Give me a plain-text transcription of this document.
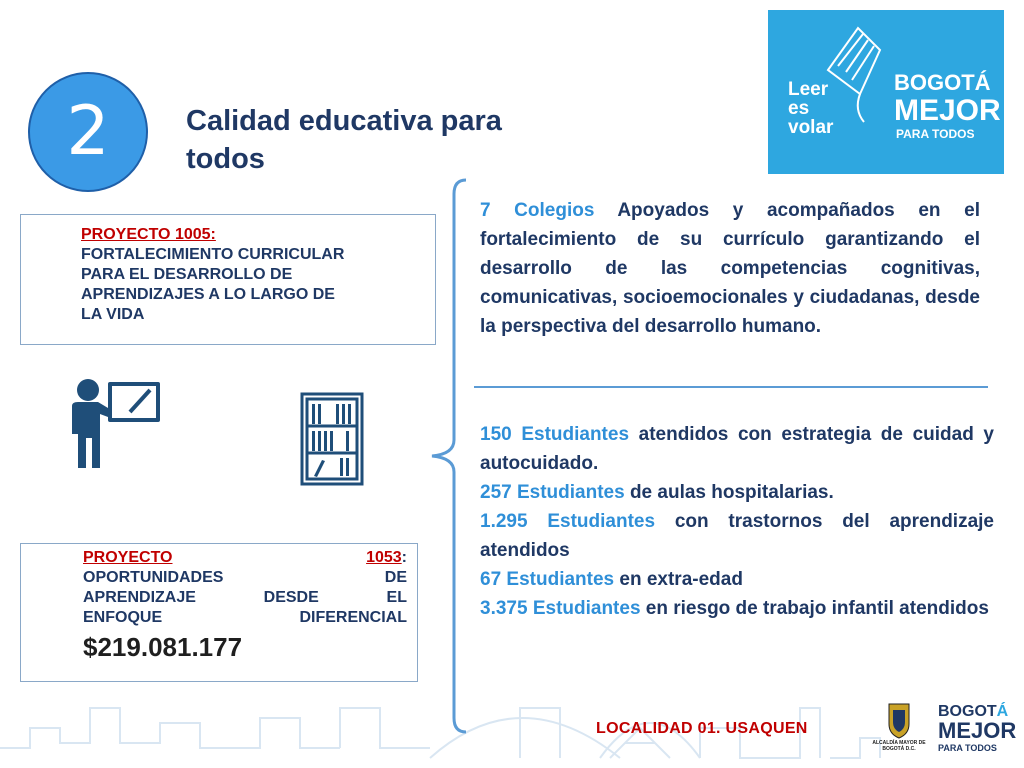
2	Calidad educativa para todos
Leer
es
volar
BOGOTÁ
MEJOR
PARA TODOS
PROYECTO 1005:
FORTALECIMIENTO CURRICULAR
PARA EL DESARROLLO DE
APRENDIZAJES A LO LARGO DE
LA VIDA
PROYECTO	1053:
OPORTUNIDADES	DE
APRENDIZAJE	DESDE	EL
ENFOQUE	DIFERENCIAL
$219.081.177
7 Colegios Apoyados y acompañados en el fortalecimiento de su currículo garantizando el desarrollo de las competencias cognitivas, comunicativas, socioemocionales y ciudadanas, desde la perspectiva del desarrollo humano.

150 Estudiantes atendidos con estrategia de cuidad y autocuidado.

257 Estudiantes de aulas hospitalarias.

1.295 Estudiantes con trastornos del aprendizaje atendidos

67 Estudiantes en extra-edad

3.375 Estudiantes en riesgo de trabajo infantil atendidos

LOCALIDAD 01. USAQUEN
ALCALDÍA MAYOR DE BOGOTÁ D.C.
BOGOTÁ
MEJOR
PARA TODOS
